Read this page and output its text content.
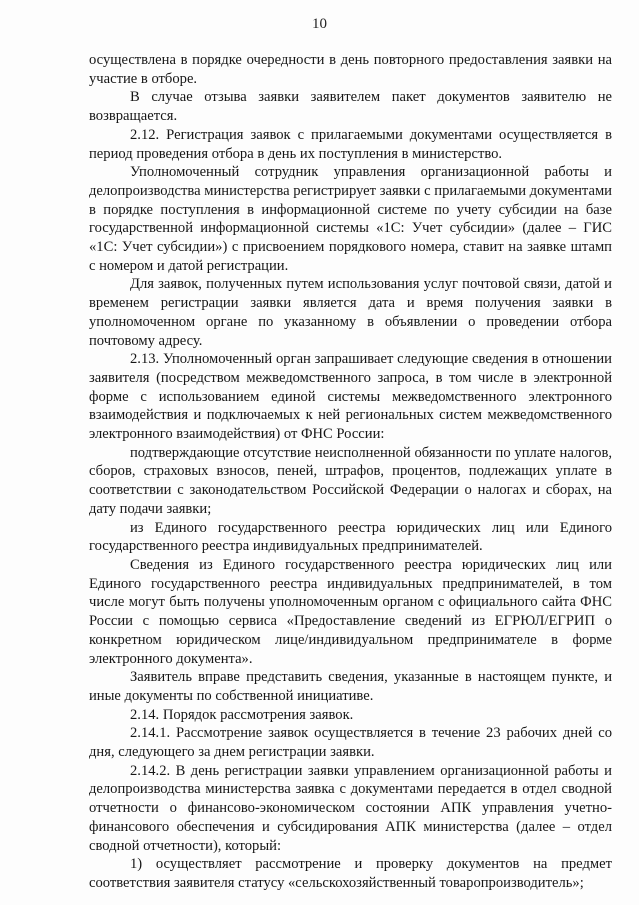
10

осуществлена в порядке очередности в день повторного предоставления заявки на участие в отборе.

В случае отзыва заявки заявителем пакет документов заявителю не возвращается.

2.12. Регистрация заявок с прилагаемыми документами осуществляется в период проведения отбора в день их поступления в министерство.

Уполномоченный сотрудник управления организационной работы и делопроизводства министерства регистрирует заявки с прилагаемыми документами в порядке поступления в информационной системе по учету субсидии на базе государственной информационной системы «1С: Учет субсидии» (далее – ГИС «1С: Учет субсидии») с присвоением порядкового номера, ставит на заявке штамп с номером и датой регистрации.

Для заявок, полученных путем использования услуг почтовой связи, датой и временем регистрации заявки является дата и время получения заявки в уполномоченном органе по указанному в объявлении о проведении отбора почтовому адресу.

2.13. Уполномоченный орган запрашивает следующие сведения в отношении заявителя (посредством межведомственного запроса, в том числе в электронной форме с использованием единой системы межведомственного электронного взаимодействия и подключаемых к ней региональных систем межведомственного электронного взаимодействия) от ФНС России:

подтверждающие отсутствие неисполненной обязанности по уплате налогов, сборов, страховых взносов, пеней, штрафов, процентов, подлежащих уплате в соответствии с законодательством Российской Федерации о налогах и сборах, на дату подачи заявки;

из Единого государственного реестра юридических лиц или Единого государственного реестра индивидуальных предпринимателей.

Сведения из Единого государственного реестра юридических лиц или Единого государственного реестра индивидуальных предпринимателей, в том числе могут быть получены уполномоченным органом с официального сайта ФНС России с помощью сервиса «Предоставление сведений из ЕГРЮЛ/ЕГРИП о конкретном юридическом лице/индивидуальном предпринимателе в форме электронного документа».

Заявитель вправе представить сведения, указанные в настоящем пункте, и иные документы по собственной инициативе.

2.14. Порядок рассмотрения заявок.

2.14.1. Рассмотрение заявок осуществляется в течение 23 рабочих дней со дня, следующего за днем регистрации заявки.

2.14.2. В день регистрации заявки управлением организационной работы и делопроизводства министерства заявка с документами передается в отдел сводной отчетности о финансово-экономическом состоянии АПК управления учетно-финансового обеспечения и субсидирования АПК министерства (далее – отдел сводной отчетности), который:

1) осуществляет рассмотрение и проверку документов на предмет соответствия заявителя статусу «сельскохозяйственный товаропроизводитель»;
